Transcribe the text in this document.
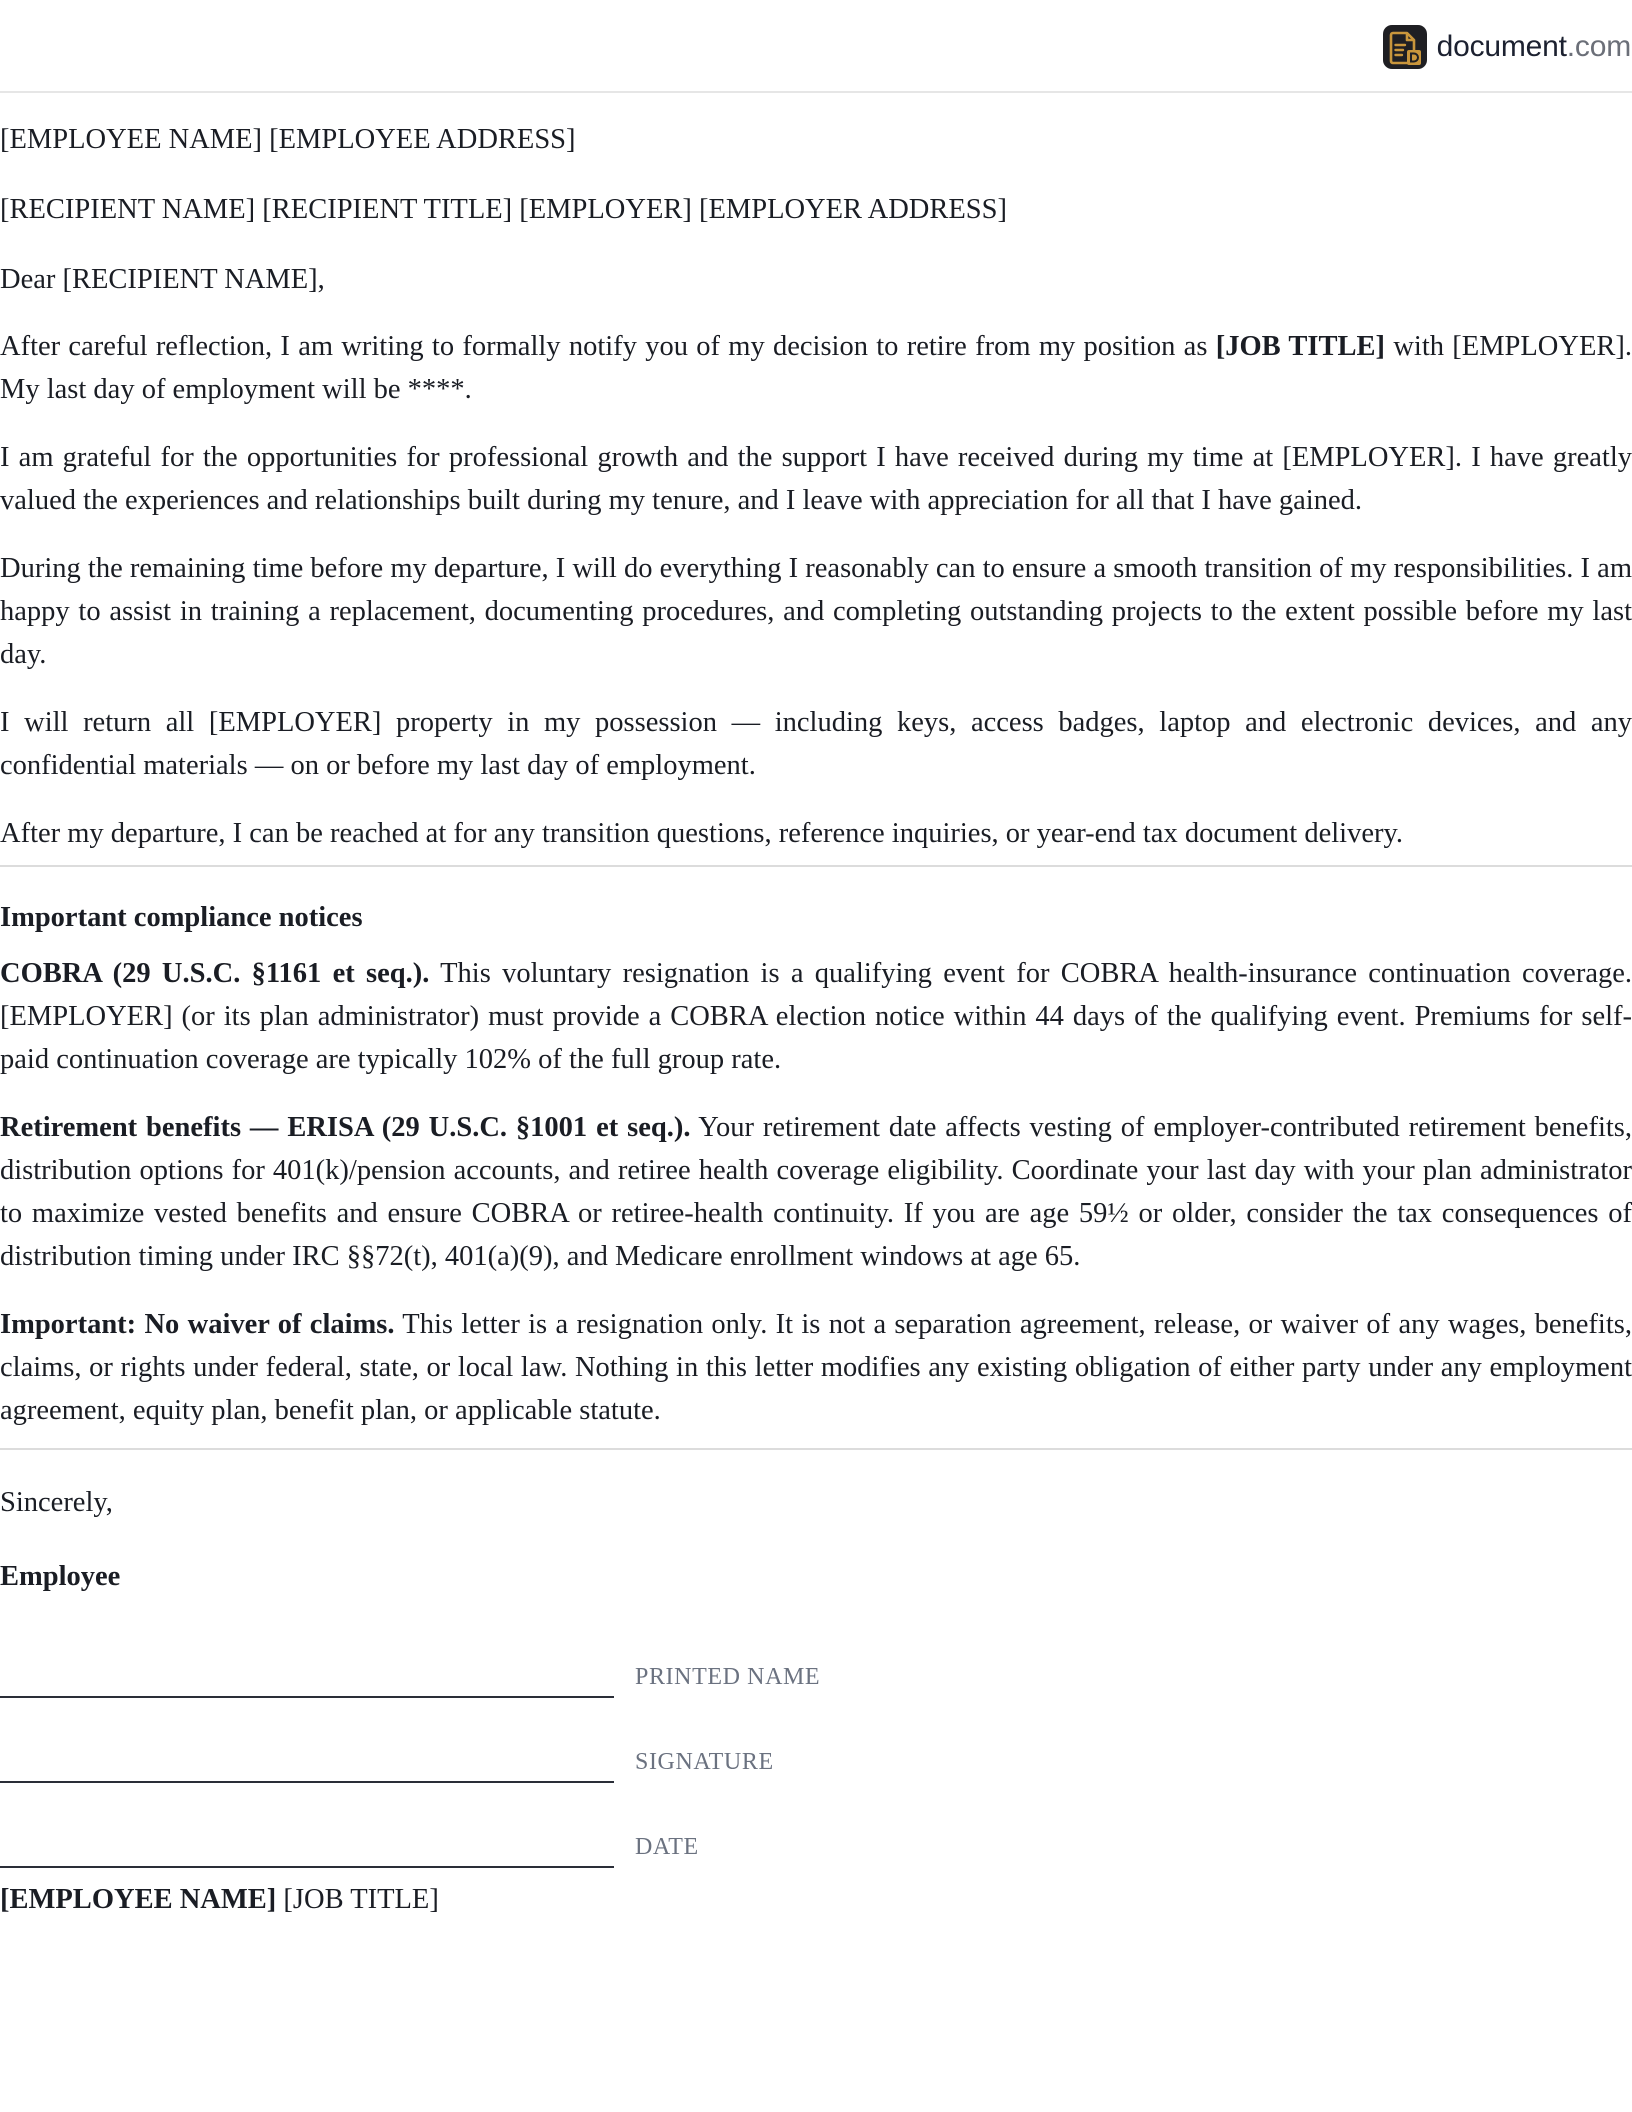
document.com

[EMPLOYEE NAME] [EMPLOYEE ADDRESS]

[RECIPIENT NAME] [RECIPIENT TITLE] [EMPLOYER] [EMPLOYER ADDRESS]

Dear [RECIPIENT NAME],

After careful reflection, I am writing to formally notify you of my decision to retire from my position as [JOB TITLE] with [EMPLOYER]. My last day of employment will be ****.

I am grateful for the opportunities for professional growth and the support I have received during my time at [EMPLOYER]. I have greatly valued the experiences and relationships built during my tenure, and I leave with appreciation for all that I have gained.

During the remaining time before my departure, I will do everything I reasonably can to ensure a smooth transition of my responsibilities. I am happy to assist in training a replacement, documenting procedures, and completing outstanding projects to the extent possible before my last day.

I will return all [EMPLOYER] property in my possession — including keys, access badges, laptop and electronic devices, and any confidential materials — on or before my last day of employment.

After my departure, I can be reached at for any transition questions, reference inquiries, or year-end tax document delivery.

Important compliance notices

COBRA (29 U.S.C. §1161 et seq.). This voluntary resignation is a qualifying event for COBRA health-insurance continuation coverage. [EMPLOYER] (or its plan administrator) must provide a COBRA election notice within 44 days of the qualifying event. Premiums for self-paid continuation coverage are typically 102% of the full group rate.

Retirement benefits — ERISA (29 U.S.C. §1001 et seq.). Your retirement date affects vesting of employer-contributed retirement benefits, distribution options for 401(k)/pension accounts, and retiree health coverage eligibility. Coordinate your last day with your plan administrator to maximize vested benefits and ensure COBRA or retiree-health continuity. If you are age 59½ or older, consider the tax consequences of distribution timing under IRC §§72(t), 401(a)(9), and Medicare enrollment windows at age 65.

Important: No waiver of claims. This letter is a resignation only. It is not a separation agreement, release, or waiver of any wages, benefits, claims, or rights under federal, state, or local law. Nothing in this letter modifies any existing obligation of either party under any employment agreement, equity plan, benefit plan, or applicable statute.

Sincerely,

Employee

PRINTED NAME
SIGNATURE
DATE

[EMPLOYEE NAME] [JOB TITLE]
